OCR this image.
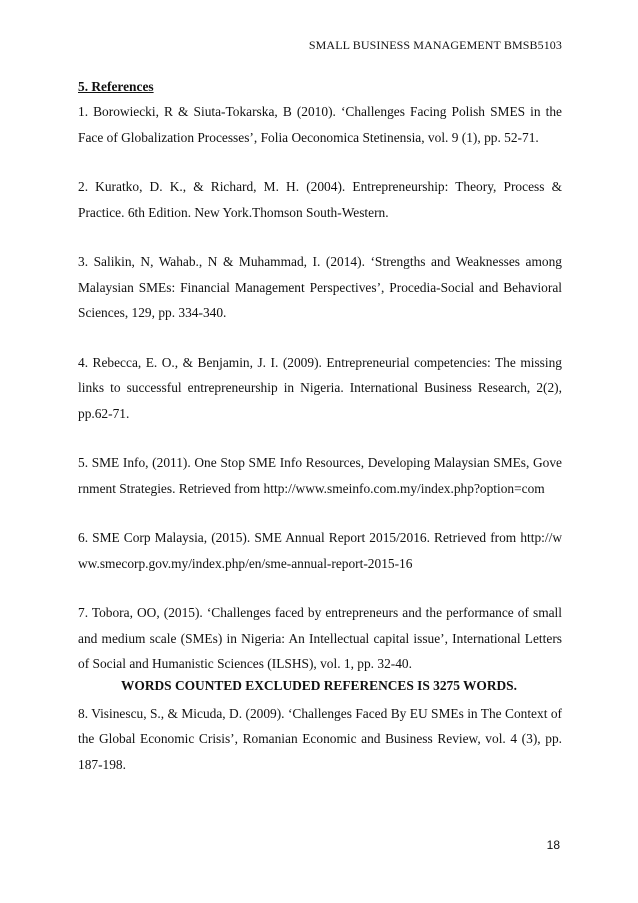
SMALL BUSINESS MANAGEMENT BMSB5103

5. References

1. Borowiecki, R & Siuta-Tokarska, B (2010). ‘Challenges Facing Polish SMES in the Face of Globalization Processes’, Folia Oeconomica Stetinensia, vol. 9 (1), pp. 52-71.

2. Kuratko, D. K., & Richard, M. H. (2004). Entrepreneurship: Theory, Process & Practice. 6th Edition. New York.Thomson South-Western.

3. Salikin, N, Wahab., N & Muhammad, I. (2014). ‘Strengths and Weaknesses among Malaysian SMEs: Financial Management Perspectives’, Procedia-Social and Behavioral Sciences, 129, pp. 334-340.

4. Rebecca, E. O., & Benjamin, J. I. (2009). Entrepreneurial competencies: The missing links to successful entrepreneurship in Nigeria. International Business Research, 2(2), pp.62-71.

5. SME Info, (2011). One Stop SME Info Resources, Developing Malaysian SMEs, Government Strategies. Retrieved from http://www.smeinfo.com.my/index.php?option=com

6. SME Corp Malaysia, (2015). SME Annual Report 2015/2016. Retrieved from http://www.smecorp.gov.my/index.php/en/sme-annual-report-2015-16

7. Tobora, OO, (2015). ‘Challenges faced by entrepreneurs and the performance of small and medium scale (SMEs) in Nigeria: An Intellectual capital issue’, International Letters of Social and Humanistic Sciences (ILSHS), vol. 1, pp. 32-40.

8. Visinescu, S., & Micuda, D. (2009). ‘Challenges Faced By EU SMEs in The Context of the Global Economic Crisis’, Romanian Economic and Business Review, vol. 4 (3), pp. 187-198.

WORDS COUNTED EXCLUDED REFERENCES IS 3275 WORDS.
18
